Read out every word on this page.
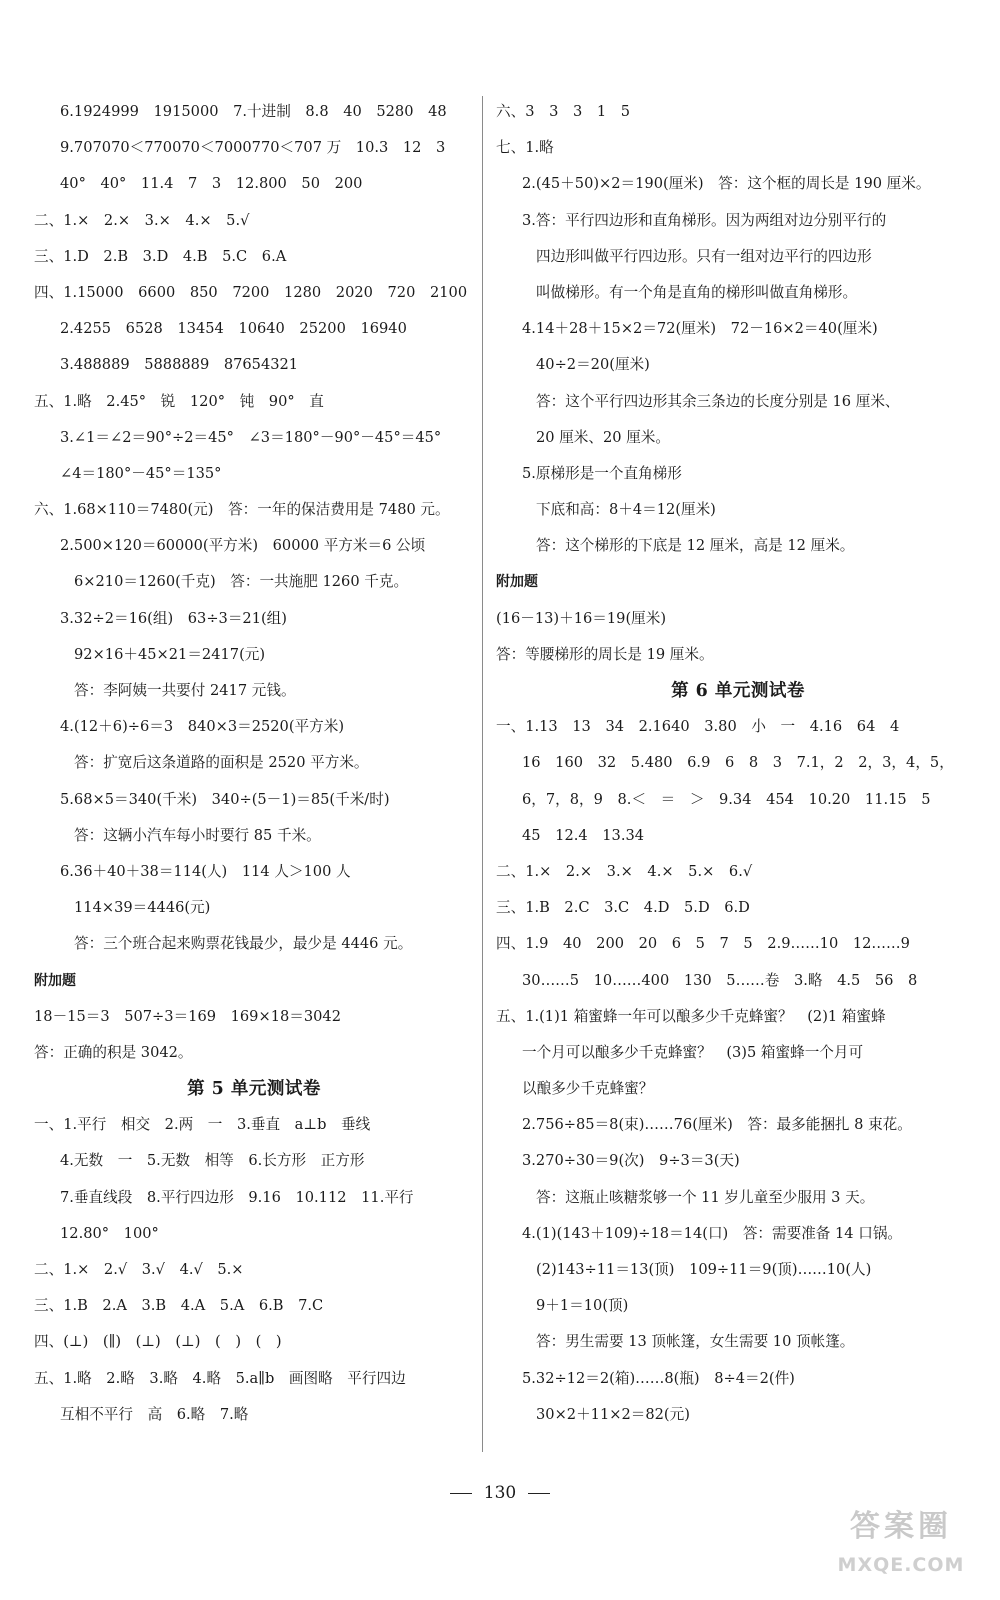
6.1924999　1915000　7.十进制　8.8　40　5280　48
9.707070＜770070＜7000770＜707 万　10.3　12　3
40°　40°　11.4　7　3　12.800　50　200
二、1.×　2.×　3.×　4.×　5.√
三、1.D　2.B　3.D　4.B　5.C　6.A
四、1.15000　6600　850　7200　1280　2020　720　2100
2.4255　6528　13454　10640　25200　16940
3.488889　5888889　87654321
五、1.略　2.45°　锐　120°　钝　90°　直
3.∠1＝∠2＝90°÷2＝45°　∠3＝180°－90°－45°＝45°
∠4＝180°－45°＝135°
六、1.68×110＝7480(元)　答：一年的保洁费用是 7480 元。
2.500×120＝60000(平方米)　60000 平方米＝6 公顷
6×210＝1260(千克)　答：一共施肥 1260 千克。
3.32÷2＝16(组)　63÷3＝21(组)
92×16＋45×21＝2417(元)
答：李阿姨一共要付 2417 元钱。
4.(12＋6)÷6＝3　840×3＝2520(平方米)
答：扩宽后这条道路的面积是 2520 平方米。
5.68×5＝340(千米)　340÷(5－1)＝85(千米/时)
答：这辆小汽车每小时要行 85 千米。
6.36＋40＋38＝114(人)　114 人＞100 人
114×39＝4446(元)
答：三个班合起来购票花钱最少，最少是 4446 元。
附加题
18－15＝3　507÷3＝169　169×18＝3042
答：正确的积是 3042。
第 5 单元测试卷
一、1.平行　相交　2.两　一　3.垂直　a⊥b　垂线
4.无数　一　5.无数　相等　6.长方形　正方形
7.垂直线段　8.平行四边形　9.16　10.112　11.平行
12.80°　100°
二、1.×　2.√　3.√　4.√　5.×
三、1.B　2.A　3.B　4.A　5.A　6.B　7.C
四、(⊥)　(∥)　(⊥)　(⊥)　(　)　(　)
五、1.略　2.略　3.略　4.略　5.a∥b　画图略　平行四边
互相不平行　高　6.略　7.略
六、3　3　3　1　5
七、1.略
2.(45＋50)×2＝190(厘米)　答：这个框的周长是 190 厘米。
3.答：平行四边形和直角梯形。因为两组对边分别平行的
四边形叫做平行四边形。只有一组对边平行的四边形
叫做梯形。有一个角是直角的梯形叫做直角梯形。
4.14＋28＋15×2＝72(厘米)　72－16×2＝40(厘米)
40÷2＝20(厘米)
答：这个平行四边形其余三条边的长度分别是 16 厘米、
20 厘米、20 厘米。
5.原梯形是一个直角梯形
下底和高：8＋4＝12(厘米)
答：这个梯形的下底是 12 厘米，高是 12 厘米。
附加题
(16－13)＋16＝19(厘米)
答：等腰梯形的周长是 19 厘米。
第 6 单元测试卷
一、1.13　13　34　2.1640　3.80　小　一　4.16　64　4
16　160　32　5.480　6.9　6　8　3　7.1，2　2，3，4，5，
6，7，8，9　8.＜　＝　＞　9.34　454　10.20　11.15　5
45　12.4　13.34
二、1.×　2.×　3.×　4.×　5.×　6.√
三、1.B　2.C　3.C　4.D　5.D　6.D
四、1.9　40　200　20　6　5　7　5　2.9……10　12……9
30……5　10……400　130　5……卷　3.略　4.5　56　8
五、1.(1)1 箱蜜蜂一年可以酿多少千克蜂蜜？　(2)1 箱蜜蜂
一个月可以酿多少千克蜂蜜？　(3)5 箱蜜蜂一个月可
以酿多少千克蜂蜜？
2.756÷85＝8(束)……76(厘米)　答：最多能捆扎 8 束花。
3.270÷30＝9(次)　9÷3＝3(天)
答：这瓶止咳糖浆够一个 11 岁儿童至少服用 3 天。
4.(1)(143＋109)÷18＝14(口)　答：需要准备 14 口锅。
(2)143÷11＝13(顶)　109÷11＝9(顶)……10(人)
9＋1＝10(顶)
答：男生需要 13 顶帐篷，女生需要 10 顶帐篷。
5.32÷12＝2(箱)……8(瓶)　8÷4＝2(件)
30×2＋11×2＝82(元)
130
答案圈
MXQE.COM
